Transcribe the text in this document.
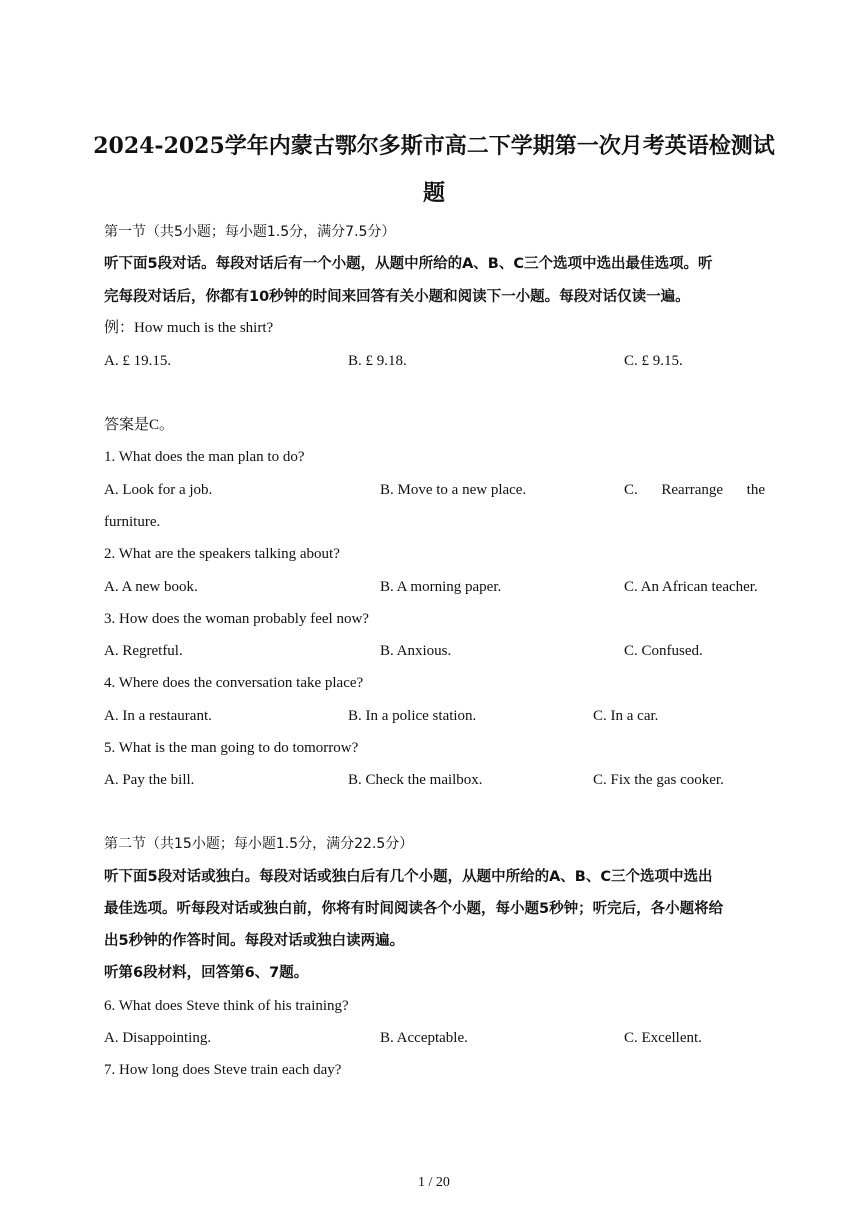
2024-2025学年内蒙古鄂尔多斯市高二下学期第一次月考英语检测试
题
第一节（共5小题；每小题1.5分，满分7.5分）
听下面5段对话。每段对话后有一个小题，从题中所给的A、B、C三个选项中选出最佳选项。听
完每段对话后，你都有10秒钟的时间来回答有关小题和阅读下一小题。每段对话仅读一遍。
例：How much is the shirt?
A. £ 19.15.	B. £ 9.18.	C. £ 9.15.
答案是C。
1. What does the man plan to do?
A. Look for a job.	B. Move to a new place.	C. Rearrange the
furniture.
2. What are the speakers talking about?
A. A new book.	B. A morning paper.	C. An African teacher.
3. How does the woman probably feel now?
A. Regretful.	B. Anxious.	C. Confused.
4. Where does the conversation take place?
A. In a restaurant.	B. In a police station.	C. In a car.
5. What is the man going to do tomorrow?
A. Pay the bill.	B. Check the mailbox.	C. Fix the gas cooker.
第二节（共15小题；每小题1.5分，满分22.5分）
听下面5段对话或独白。每段对话或独白后有几个小题，从题中所给的A、B、C三个选项中选出
最佳选项。听每段对话或独白前，你将有时间阅读各个小题，每小题5秒钟；听完后，各小题将给
出5秒钟的作答时间。每段对话或独白读两遍。
听第6段材料，回答第6、7题。
6. What does Steve think of his training?
A. Disappointing.	B. Acceptable.	C. Excellent.
7. How long does Steve train each day?
1 / 20
